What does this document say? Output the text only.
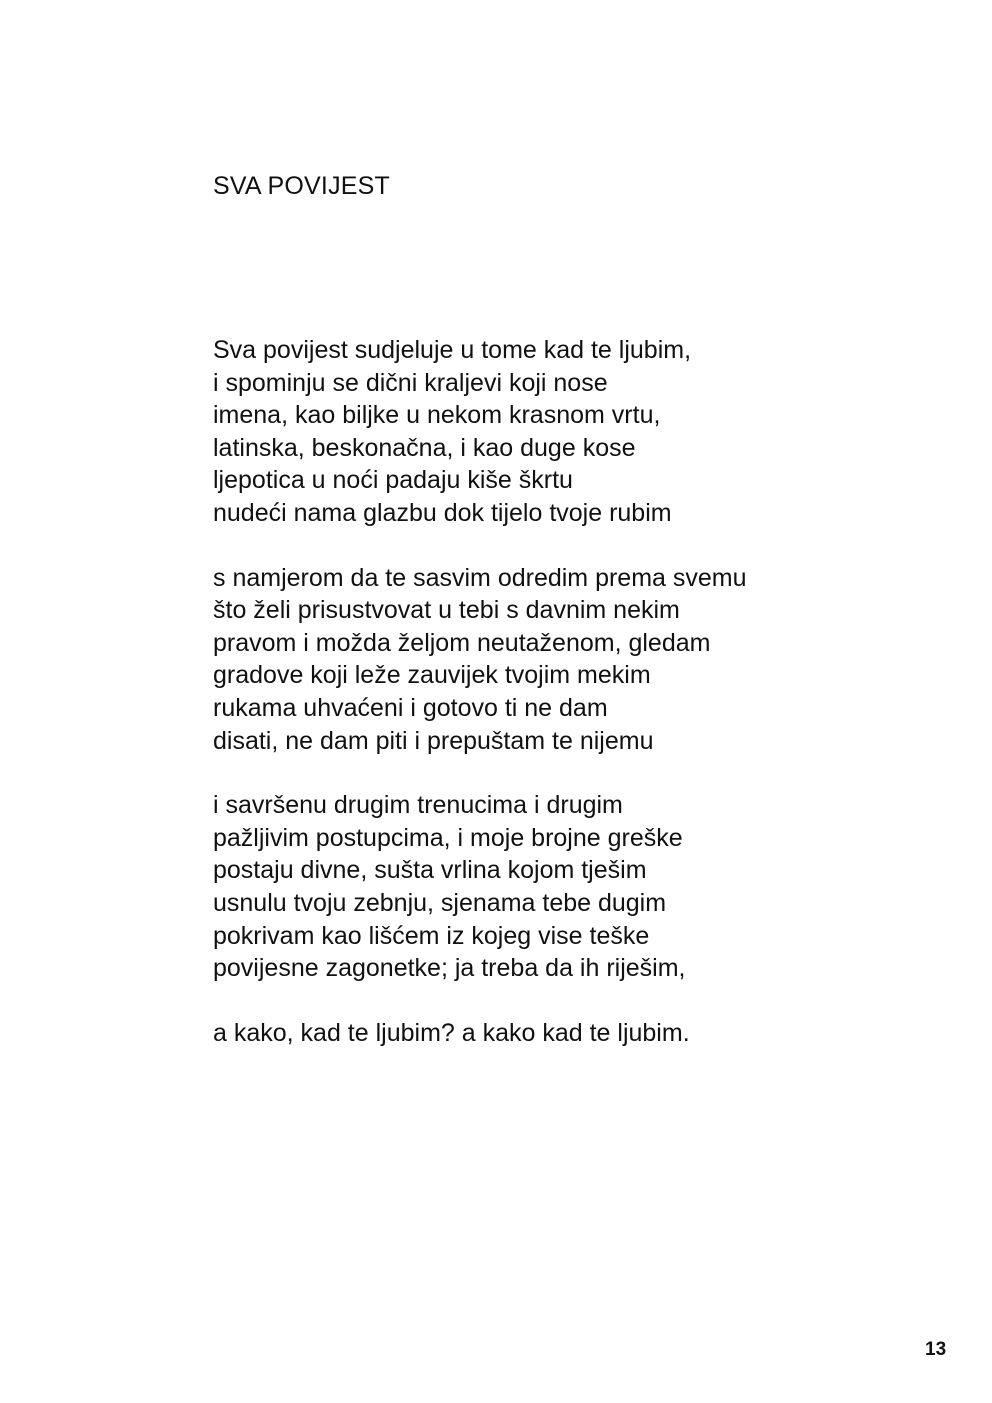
SVA POVIJEST
Sva povijest sudjeluje u tome kad te ljubim,
i spominju se dični kraljevi koji nose
imena, kao biljke u nekom krasnom vrtu,
latinska, beskonačna, i kao duge kose
ljepotica u noći padaju kiše škrtu
nudeći nama glazbu dok tijelo tvoje rubim
s namjerom da te sasvim odredim prema svemu
što želi prisustvovat u tebi s davnim nekim
pravom i možda željom neutaženom, gledam
gradove koji leže zauvijek tvojim mekim
rukama uhvaćeni i gotovo ti ne dam
disati, ne dam piti i prepuštam te nijemu
i savršenu drugim trenucima i drugim
pažljivim postupcima, i moje brojne greške
postaju divne, sušta vrlina kojom tješim
usnulu tvoju zebnju, sjenama tebe dugim
pokrivam kao lišćem iz kojeg vise teške
povijesne zagonetke; ja treba da ih riješim,
a kako, kad te ljubim? a kako kad te ljubim.
13
